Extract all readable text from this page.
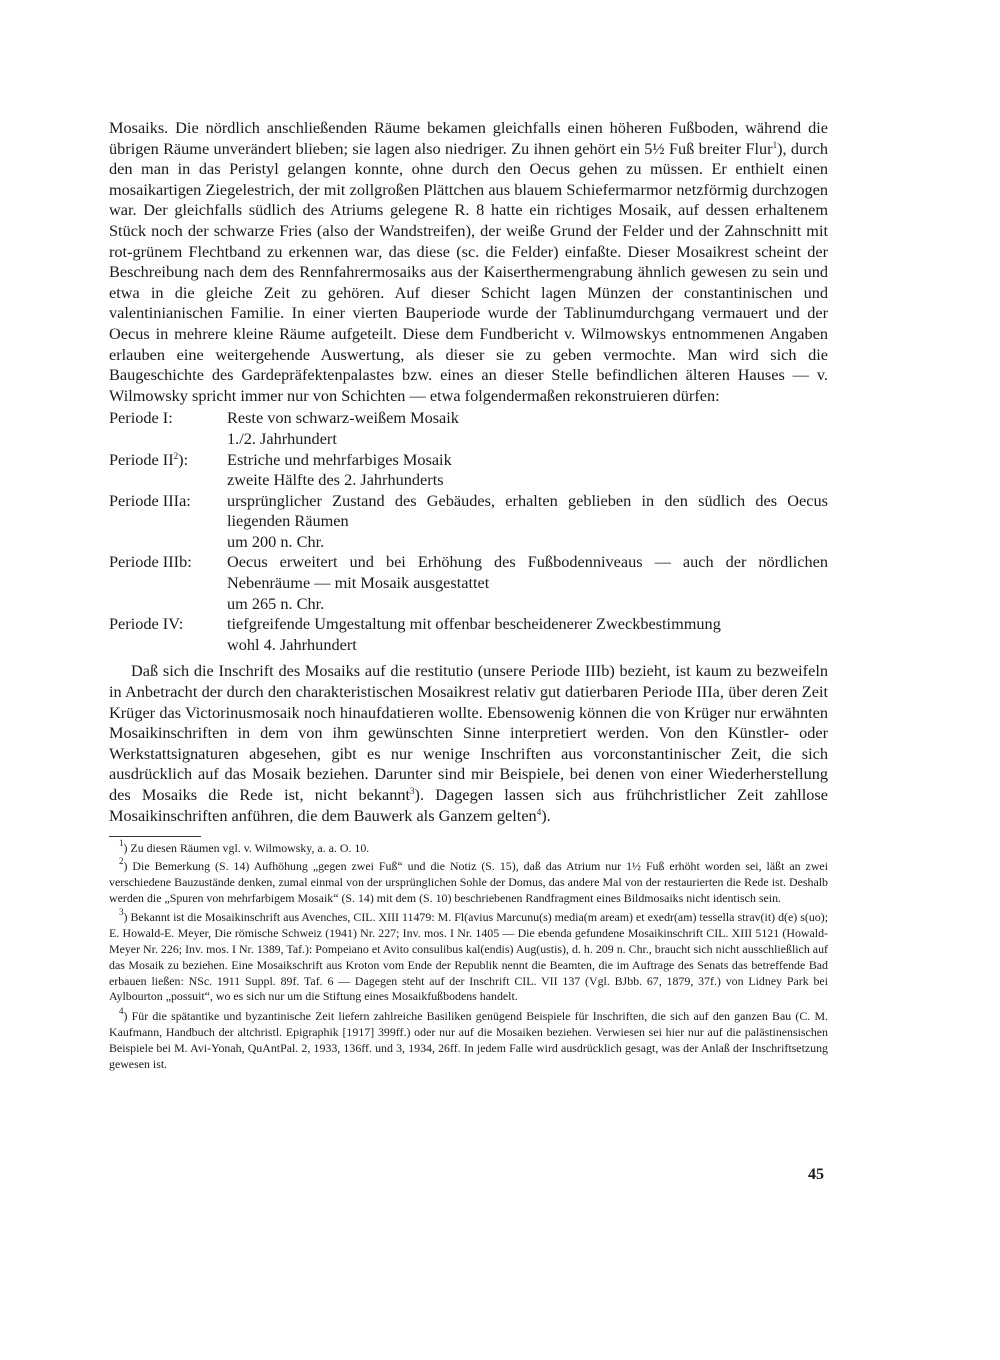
Mosaiks. Die nördlich anschließenden Räume bekamen gleichfalls einen höheren Fußboden, während die übrigen Räume unverändert blieben; sie lagen also niedriger. Zu ihnen gehört ein 5½ Fuß breiter Flur$^1$), durch den man in das Peristyl gelangen konnte, ohne durch den Oecus gehen zu müssen. Er enthielt einen mosaikartigen Ziegelestrich, der mit zollgroßen Plättchen aus blauem Schiefermarmor netzförmig durchzogen war. Der gleichfalls südlich des Atriums gelegene R. 8 hatte ein richtiges Mosaik, auf dessen erhaltenem Stück noch der schwarze Fries (also der Wandstreifen), der weiße Grund der Felder und der Zahnschnitt mit rot-grünem Flechtband zu erkennen war, das diese (sc. die Felder) einfaßte. Dieser Mosaikrest scheint der Beschreibung nach dem des Rennfahrermosaiks aus der Kaiserthermengrabung ähnlich gewesen zu sein und etwa in die gleiche Zeit zu gehören. Auf dieser Schicht lagen Münzen der constantinischen und valentinianischen Familie. In einer vierten Bauperiode wurde der Tablinumdurchgang vermauert und der Oecus in mehrere kleine Räume aufgeteilt. Diese dem Fundbericht v. Wilmowskys entnommenen Angaben erlauben eine weitergehende Auswertung, als dieser sie zu geben vermochte. Man wird sich die Baugeschichte des Gardepräfektenpalastes bzw. eines an dieser Stelle befindlichen älteren Hauses — v. Wilmowsky spricht immer nur von Schichten — etwa folgendermaßen rekonstruieren dürfen:

Periode I:	Reste von schwarz-weißem Mosaik
1./2. Jahrhundert
Periode $II^2$):	Estriche und mehrfarbiges Mosaik
zweite Hälfte des 2. Jahrhunderts
Periode IIIa:	ursprünglicher Zustand des Gebäudes, erhalten geblieben in den südlich des Oecus liegenden Räumen
um 200 n. Chr.
Periode IIIb:	Oecus erweitert und bei Erhöhung des Fußbodenniveaus — auch der nördlichen Nebenräume — mit Mosaik ausgestattet
um 265 n. Chr.
Periode IV:	tiefgreifende Umgestaltung mit offenbar bescheidenerer Zweckbestimmung
wohl 4. Jahrhundert

Daß sich die Inschrift des Mosaiks auf die restitutio (unsere Periode IIIb) bezieht, ist kaum zu bezweifeln in Anbetracht der durch den charakteristischen Mosaikrest relativ gut datierbaren Periode IIIa, über deren Zeit Krüger das Victorinusmosaik noch hinaufdatieren wollte. Ebensowenig können die von Krüger nur erwähnten Mosaikinschriften in dem von ihm gewünschten Sinne interpretiert werden. Von den Künstler- oder Werkstattsignaturen abgesehen, gibt es nur wenige Inschriften aus vorconstantinischer Zeit, die sich ausdrücklich auf das Mosaik beziehen. Darunter sind mir Beispiele, bei denen von einer Wiederherstellung des Mosaiks die Rede ist, nicht bekannt$^3$). Dagegen lassen sich aus frühchristlicher Zeit zahllose Mosaikinschriften anführen, die dem Bauwerk als Ganzem gelten$^4$).

$^1$) Zu diesen Räumen vgl. v. Wilmowsky, a. a. O. 10.

$^2$) Die Bemerkung (S. 14) Aufhöhung „gegen zwei Fuß“ und die Notiz (S. 15), daß das Atrium nur 1½ Fuß erhöht worden sei, läßt an zwei verschiedene Bauzustände denken, zumal einmal von der ursprünglichen Sohle der Domus, das andere Mal von der restaurierten die Rede ist. Deshalb werden die „Spuren von mehrfarbigem Mosaik“ (S. 14) mit dem (S. 10) beschriebenen Randfragment eines Bildmosaiks nicht identisch sein.

$^3$) Bekannt ist die Mosaikinschrift aus Avenches, CIL. XIII 11479: M. Fl(avius Marcunu(s) media(m aream) et exedr(am) tessella strav(it) d(e) s(uo); E. Howald-E. Meyer, Die römische Schweiz (1941) Nr. 227; Inv. mos. I Nr. 1405 — Die ebenda gefundene Mosaikinschrift CIL. XIII 5121 (Howald-Meyer Nr. 226; Inv. mos. I Nr. 1389, Taf.): Pompeiano et Avito consulibus kal(endis) Aug(ustis), d. h. 209 n. Chr., braucht sich nicht ausschließlich auf das Mosaik zu beziehen. Eine Mosaikschrift aus Kroton vom Ende der Republik nennt die Beamten, die im Auftrage des Senats das betreffende Bad erbauen ließen: NSc. 1911 Suppl. 89f. Taf. 6 — Dagegen steht auf der Inschrift CIL. VII 137 (Vgl. BJbb. 67, 1879, 37f.) von Lidney Park bei Aylbourton „possuit“, wo es sich nur um die Stiftung eines Mosaikfußbodens handelt.

$^4$) Für die spätantike und byzantinische Zeit liefern zahlreiche Basiliken genügend Beispiele für Inschriften, die sich auf den ganzen Bau (C. M. Kaufmann, Handbuch der altchristl. Epigraphik [1917] 399ff.) oder nur auf die Mosaiken beziehen. Verwiesen sei hier nur auf die palästinensischen Beispiele bei M. Avi-Yonah, QuAntPal. 2, 1933, 136ff. und 3, 1934, 26ff. In jedem Falle wird ausdrücklich gesagt, was der Anlaß der Inschriftsetzung gewesen ist.

45
